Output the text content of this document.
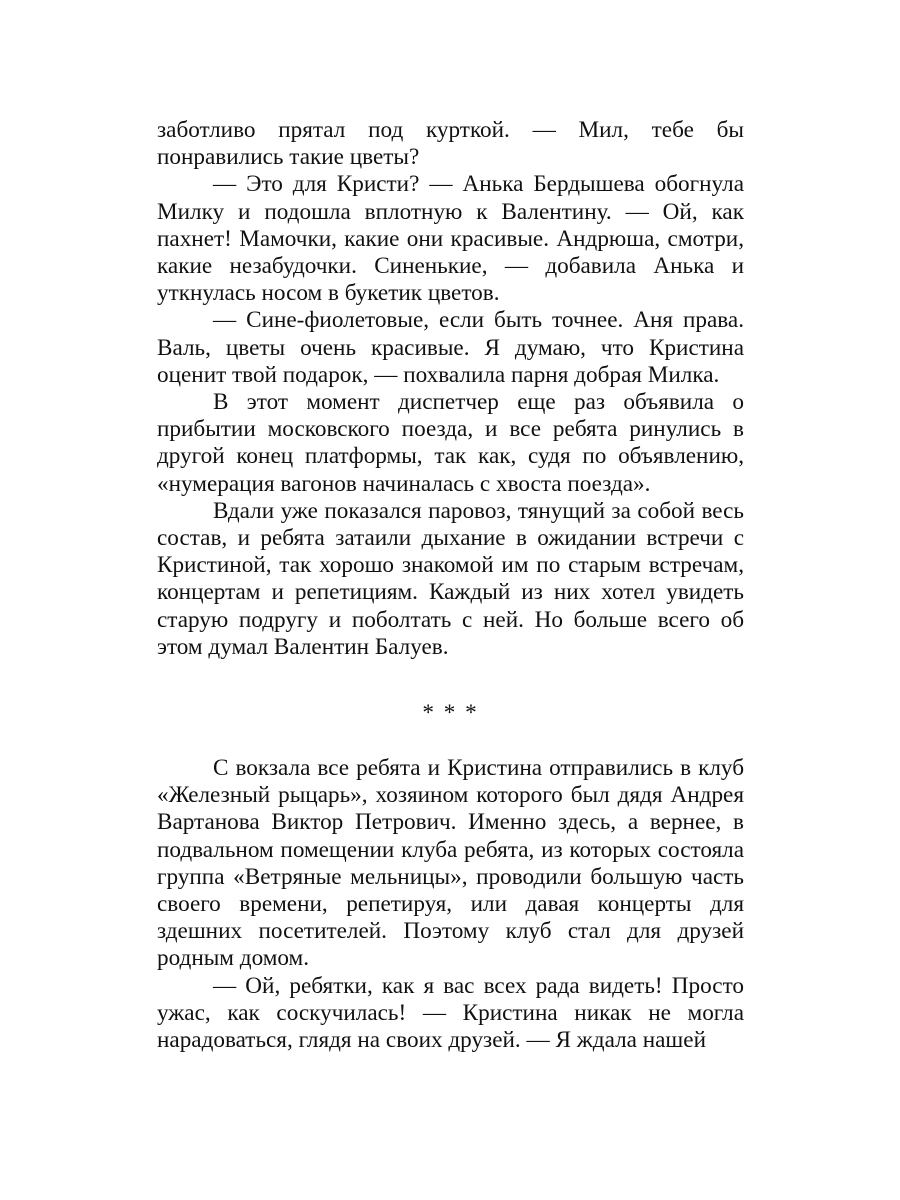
заботливо прятал под курткой. — Мил, тебе бы понравились такие цветы?

— Это для Кристи? — Анька Бердышева обогнула Милку и подошла вплотную к Валентину. — Ой, как пахнет! Мамочки, какие они красивые. Андрюша, смотри, какие незабудочки. Синенькие, — добавила Анька и уткнулась носом в букетик цветов.

— Сине-фиолетовые, если быть точнее. Аня права. Валь, цветы очень красивые. Я думаю, что Кристина оценит твой подарок, — похвалила парня добрая Милка.

В этот момент диспетчер еще раз объявила о прибытии московского поезда, и все ребята ринулись в другой конец платформы, так как, судя по объявлению, «нумерация вагонов начиналась с хвоста поезда».

Вдали уже показался паровоз, тянущий за собой весь состав, и ребята затаили дыхание в ожидании встречи с Кристиной, так хорошо знакомой им по старым встречам, концертам и репетициям. Каждый из них хотел увидеть старую подругу и поболтать с ней. Но больше всего об этом думал Валентин Балуев.

* * *

С вокзала все ребята и Кристина отправились в клуб «Железный рыцарь», хозяином которого был дядя Андрея Вартанова Виктор Петрович. Именно здесь, а вернее, в подвальном помещении клуба ребята, из которых состояла группа «Ветряные мельницы», проводили большую часть своего времени, репетируя, или давая концерты для здешних посетителей. Поэтому клуб стал для друзей родным домом.

— Ой, ребятки, как я вас всех рада видеть! Просто ужас, как соскучилась! — Кристина никак не могла нарадоваться, глядя на своих друзей. — Я ждала нашей
